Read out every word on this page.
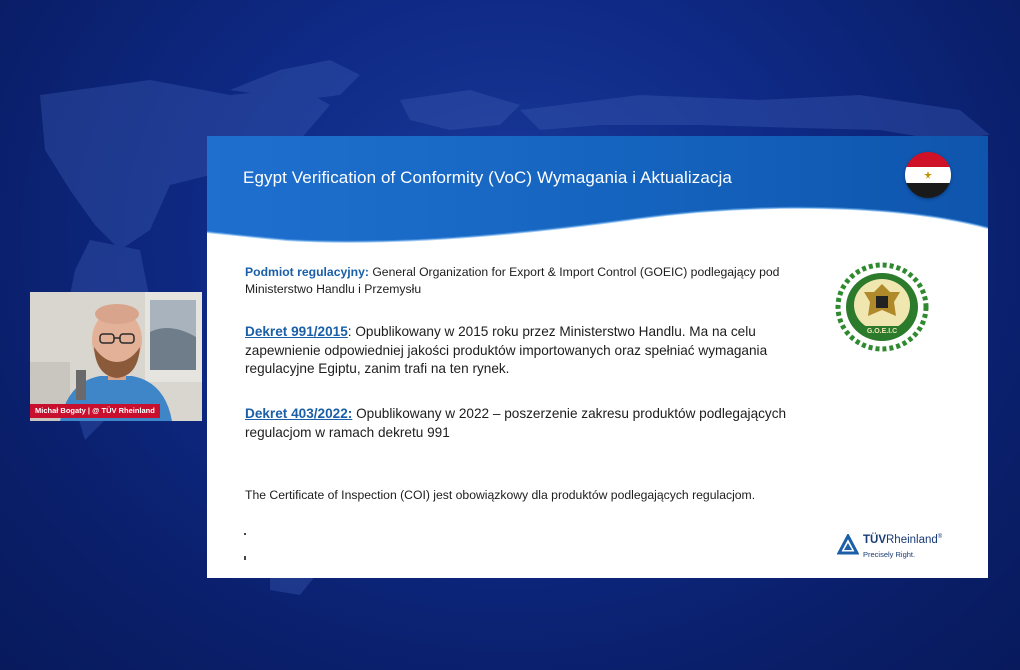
Egypt Verification of Conformity (VoC) Wymagania i Aktualizacja
Podmiot regulacyjny: General Organization for Export & Import Control (GOEIC) podlegający pod Ministerstwo Handlu i Przemysłu
Dekret 991/2015: Opublikowany w 2015 roku przez Ministerstwo Handlu. Ma na celu zapewnienie odpowiedniej jakości produktów importowanych oraz spełniać wymagania regulacyjne Egiptu, zanim trafi na ten rynek.
Dekret 403/2022: Opublikowany w 2022 – poszerzenie zakresu produktów podlegających regulacjom w ramach dekretu 991
The Certificate of Inspection (COI) jest obowiązkowy dla produktów podlegających regulacjom.
G.O.E.I.C
TÜVRheinland®
Precisely Right.
Michał Bogaty | @ TÜV Rheinland
